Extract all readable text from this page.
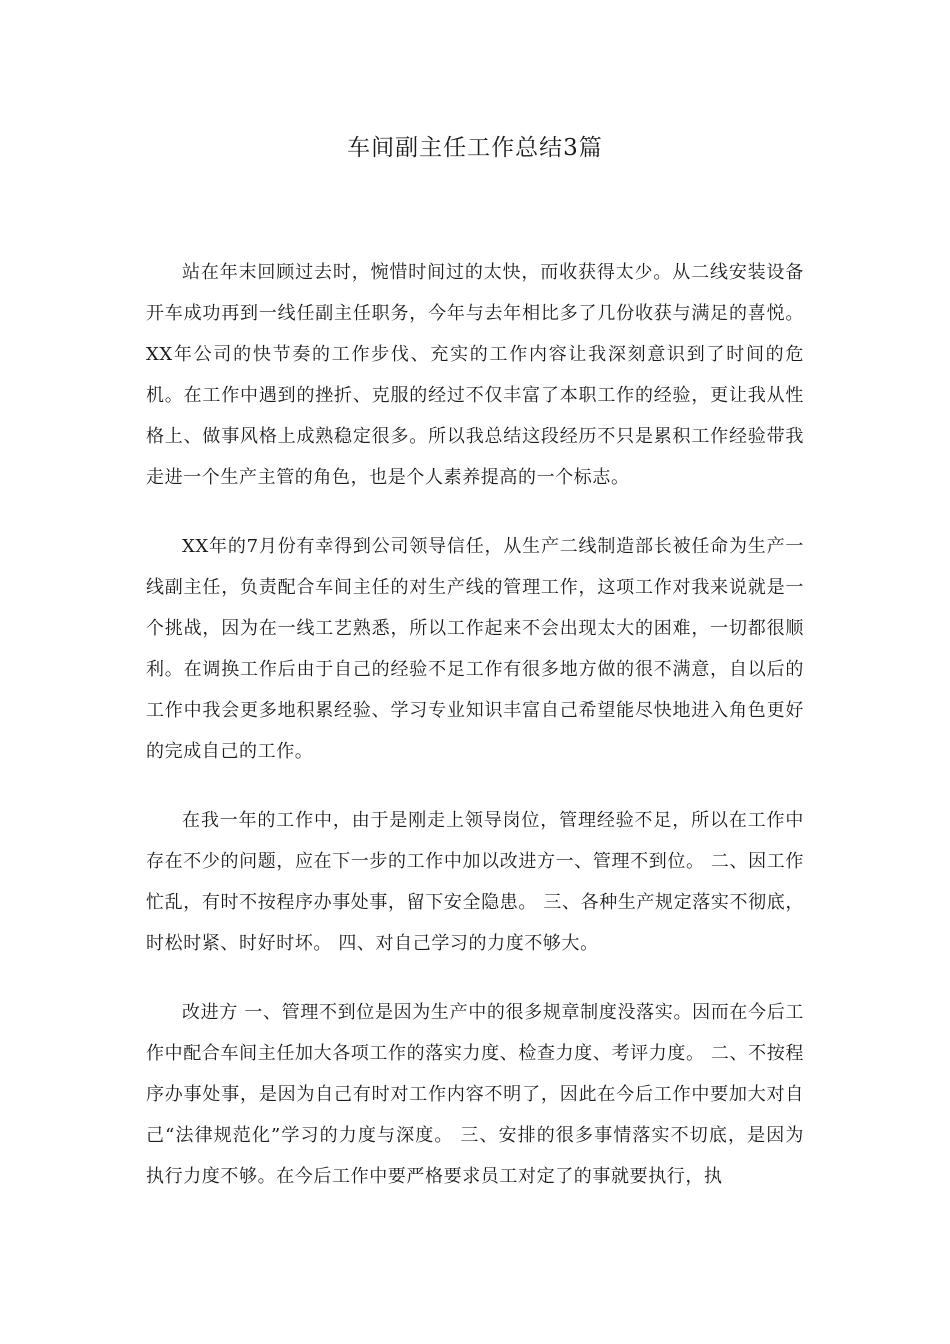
车间副主任工作总结3篇

站在年末回顾过去时，惋惜时间过的太快，而收获得太少。从二线安装设备开车成功再到一线任副主任职务，今年与去年相比多了几份收获与满足的喜悦。XX年公司的快节奏的工作步伐、充实的工作内容让我深刻意识到了时间的危机。在工作中遇到的挫折、克服的经过不仅丰富了本职工作的经验，更让我从性格上、做事风格上成熟稳定很多。所以我总结这段经历不只是累积工作经验带我走进一个生产主管的角色，也是个人素养提高的一个标志。

XX年的7月份有幸得到公司领导信任，从生产二线制造部长被任命为生产一线副主任，负责配合车间主任的对生产线的管理工作，这项工作对我来说就是一个挑战，因为在一线工艺熟悉，所以工作起来不会出现太大的困难，一切都很顺利。在调换工作后由于自己的经验不足工作有很多地方做的很不满意，自以后的工作中我会更多地积累经验、学习专业知识丰富自己希望能尽快地进入角色更好的完成自己的工作。

在我一年的工作中，由于是刚走上领导岗位，管理经验不足，所以在工作中存在不少的问题，应在下一步的工作中加以改进方一、管理不到位。 二、因工作忙乱，有时不按程序办事处事，留下安全隐患。 三、各种生产规定落实不彻底，时松时紧、时好时坏。 四、对自己学习的力度不够大。

改进方 一、管理不到位是因为生产中的很多规章制度没落实。因而在今后工作中配合车间主任加大各项工作的落实力度、检查力度、考评力度。 二、不按程序办事处事，是因为自己有时对工作内容不明了，因此在今后工作中要加大对自己“法律规范化”学习的力度与深度。 三、安排的很多事情落实不切底，是因为执行力度不够。在今后工作中要严格要求员工对定了的事就要执行，执
